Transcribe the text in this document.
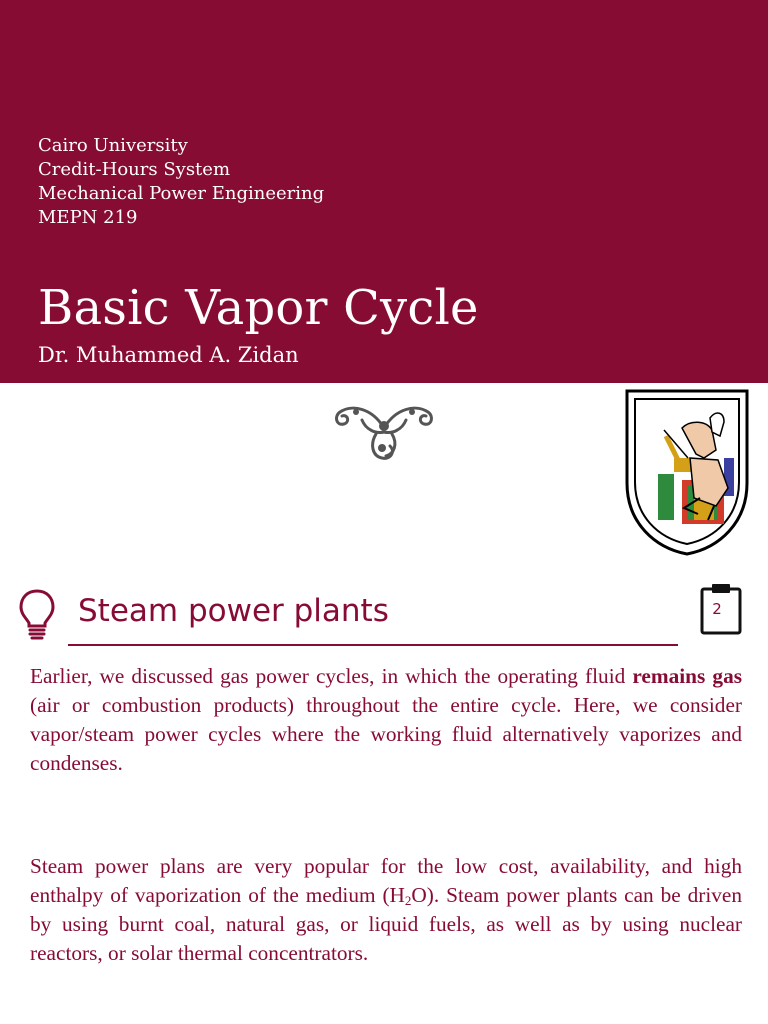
Cairo University
Credit-Hours System
Mechanical Power Engineering
MEPN 219
Basic Vapor Cycle
Dr. Muhammed A. Zidan
Steam power plants	2
Earlier, we discussed gas power cycles, in which the operating fluid remains gas (air or combustion products) throughout the entire cycle. Here, we consider vapor/steam power cycles where the working fluid alternatively vaporizes and condenses.
Steam power plans are very popular for the low cost, availability, and high enthalpy of vaporization of the medium $(H_2O)$. Steam power plants can be driven by using burnt coal, natural gas, or liquid fuels, as well as by using nuclear reactors, or solar thermal concentrators.
